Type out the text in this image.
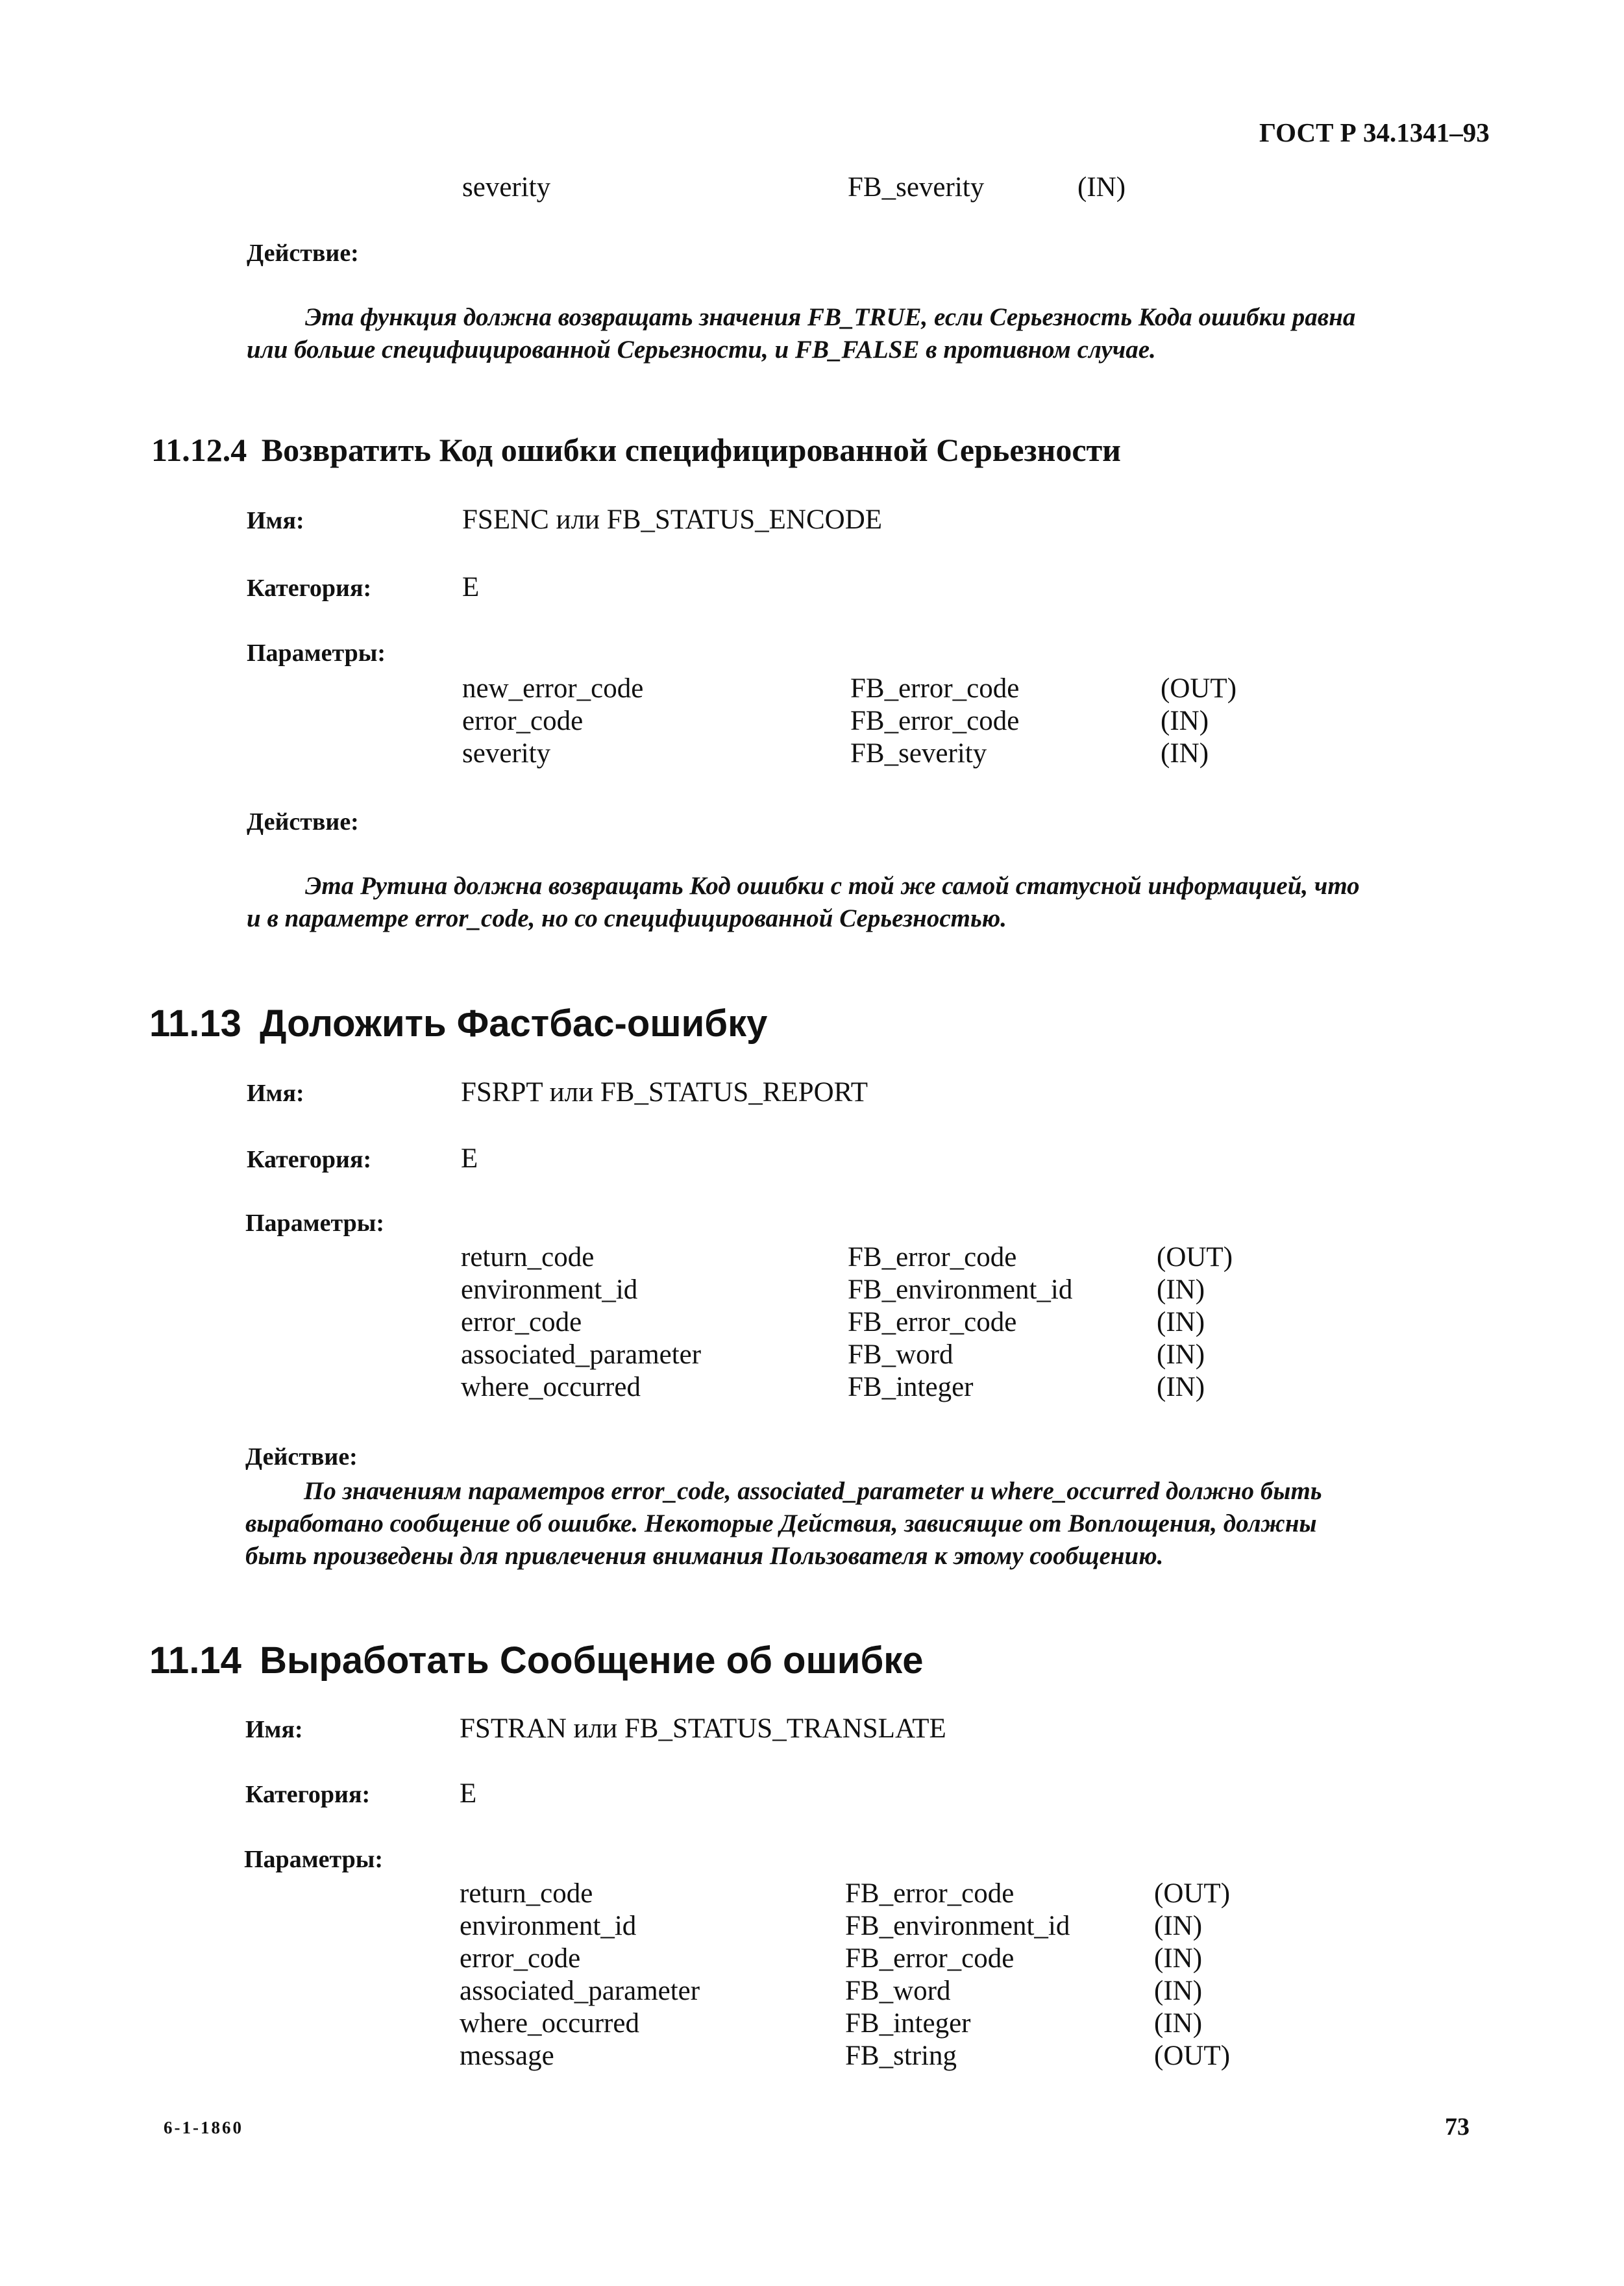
ГОСТ Р 34.1341–93
severity	FB_severity	(IN)
Действие:
Эта функция должна возвращать значения FB_TRUE, если Серьезность Кода ошибки равна
или больше специфицированной Серьезности, и FB_FALSE в противном случае.
11.12.4 Возвратить Код ошибки специфицированной Серьезности
Имя:	FSENC или FB_STATUS_ENCODE
Категория:	E
Параметры:
new_error_code	FB_error_code	(OUT)
error_code	FB_error_code	(IN)
severity	FB_severity	(IN)
Действие:
Эта Рутина должна возвращать Код ошибки с той же самой статусной информацией, что
и в параметре error_code, но со специфицированной Серьезностью.
11.13 Доложить Фастбас-ошибку
Имя:	FSRPT или FB_STATUS_REPORT
Категория:	E
Параметры:
return_code	FB_error_code	(OUT)
environment_id	FB_environment_id	(IN)
error_code	FB_error_code	(IN)
associated_parameter	FB_word	(IN)
where_occurred	FB_integer	(IN)
Действие:
По значениям параметров error_code, associated_parameter и where_occurred должно быть
выработано сообщение об ошибке. Некоторые Действия, зависящие от Воплощения, должны
быть произведены для привлечения внимания Пользователя к этому сообщению.
11.14 Выработать Сообщение об ошибке
Имя:	FSTRAN или FB_STATUS_TRANSLATE
Категория:	E
Параметры:
return_code	FB_error_code	(OUT)
environment_id	FB_environment_id	(IN)
error_code	FB_error_code	(IN)
associated_parameter	FB_word	(IN)
where_occurred	FB_integer	(IN)
message	FB_string	(OUT)
6-1-1860	73
